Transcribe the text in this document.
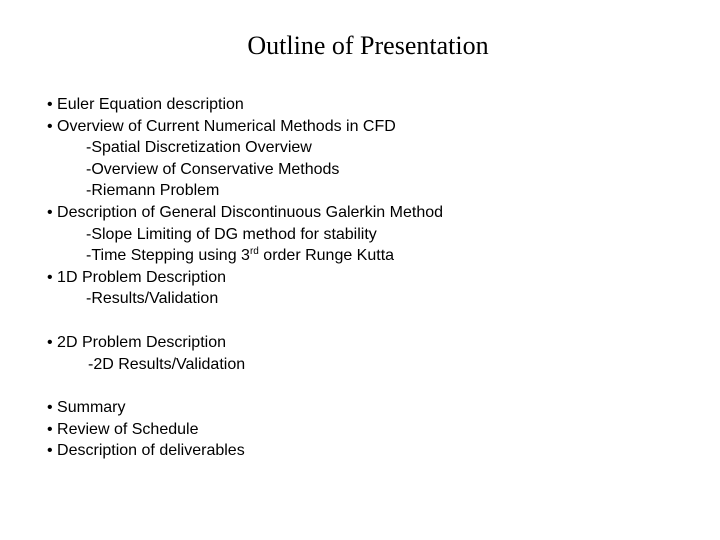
Outline of Presentation
• Euler Equation description
• Overview of Current Numerical Methods in CFD
-Spatial Discretization Overview
-Overview of Conservative Methods
-Riemann Problem
• Description of General Discontinuous Galerkin Method
-Slope Limiting of DG method for stability
-Time Stepping using 3rd order Runge Kutta
• 1D Problem Description
-Results/Validation
• 2D Problem Description
-2D Results/Validation
• Summary
• Review of Schedule
• Description of deliverables
